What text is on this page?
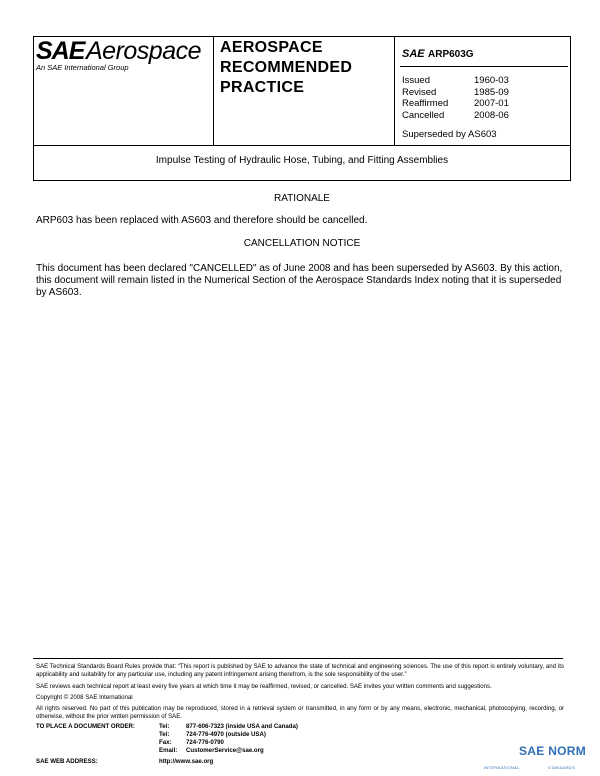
SAE Aerospace
An SAE International Group
AEROSPACE
RECOMMENDED
PRACTICE
SAE ARP603G
Issued	1960-03
Revised	1985-09
Reaffirmed	2007-01
Cancelled	2008-06
Superseded by AS603
Impulse Testing of Hydraulic Hose, Tubing, and Fitting Assemblies
RATIONALE
ARP603 has been replaced with AS603 and therefore should be cancelled.
CANCELLATION NOTICE
This document has been declared "CANCELLED" as of June 2008 and has been superseded by AS603. By this action, this document will remain listed in the Numerical Section of the Aerospace Standards Index noting that it is superseded by AS603.
SAE Technical Standards Board Rules provide that: “This report is published by SAE to advance the state of technical and engineering sciences. The use of this report is entirely voluntary, and its applicability and suitability for any particular use, including any patent infringement arising therefrom, is the sole responsibility of the user.”
SAE reviews each technical report at least every five years at which time it may be reaffirmed, revised, or cancelled. SAE invites your written comments and suggestions.
Copyright © 2008 SAE International
All rights reserved. No part of this publication may be reproduced, stored in a retrieval system or transmitted, in any form or by any means, electronic, mechanical, photocopying, recording, or otherwise, without the prior written permission of SAE.
TO PLACE A DOCUMENT ORDER:	Tel:	877-606-7323 (inside USA and Canada)
Tel:	724-776-4970 (outside USA)
Fax: 724-776-0790
Email: CustomerService@sae.org
SAE WEB ADDRESS:	http://www.sae.org
SAE NORM
INTERNATIONAL	STANDARDS
